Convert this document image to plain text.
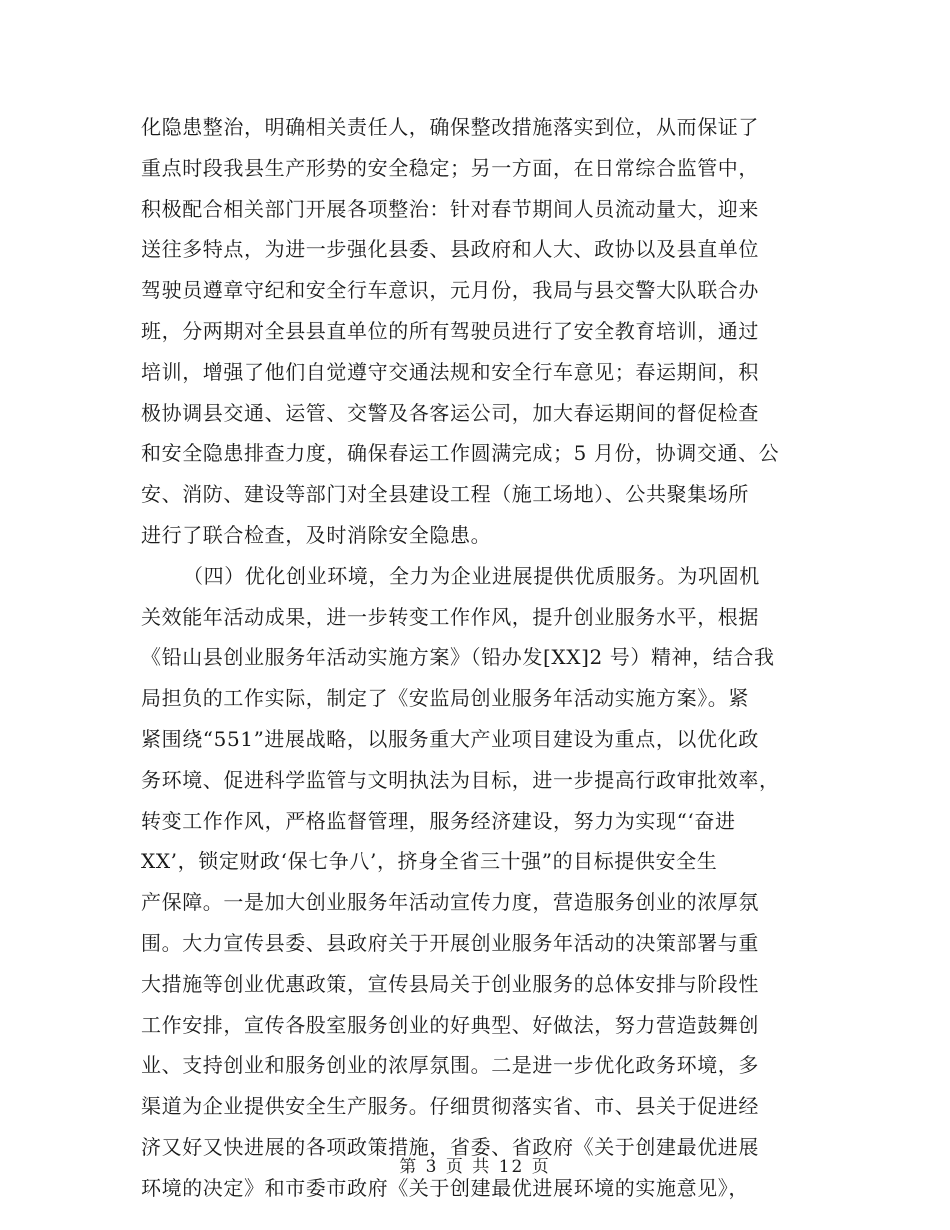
化隐患整治，明确相关责任人，确保整改措施落实到位，从而保证了
重点时段我县生产形势的安全稳定；另一方面，在日常综合监管中，
积极配合相关部门开展各项整治：针对春节期间人员流动量大，迎来
送往多特点，为进一步强化县委、县政府和人大、政协以及县直单位
驾驶员遵章守纪和安全行车意识，元月份，我局与县交警大队联合办
班，分两期对全县县直单位的所有驾驶员进行了安全教育培训，通过
培训，增强了他们自觉遵守交通法规和安全行车意见；春运期间，积
极协调县交通、运管、交警及各客运公司，加大春运期间的督促检查
和安全隐患排查力度，确保春运工作圆满完成；5 月份，协调交通、公
安、消防、建设等部门对全县建设工程（施工场地）、公共聚集场所
进行了联合检查，及时消除安全隐患。
（四）优化创业环境，全力为企业进展提供优质服务。为巩固机
关效能年活动成果，进一步转变工作作风，提升创业服务水平，根据
《铅山县创业服务年活动实施方案》（铅办发[XX]2 号）精神，结合我
局担负的工作实际，制定了《安监局创业服务年活动实施方案》。紧
紧围绕“551”进展战略，以服务重大产业项目建设为重点，以优化政
务环境、促进科学监管与文明执法为目标，进一步提高行政审批效率，
转变工作作风，严格监督管理，服务经济建设，努力为实现“‘奋进
XX’，锁定财政‘保七争八’，挤身全省三十强”的目标提供安全生
产保障。一是加大创业服务年活动宣传力度，营造服务创业的浓厚氛
围。大力宣传县委、县政府关于开展创业服务年活动的决策部署与重
大措施等创业优惠政策，宣传县局关于创业服务的总体安排与阶段性
工作安排，宣传各股室服务创业的好典型、好做法，努力营造鼓舞创
业、支持创业和服务创业的浓厚氛围。二是进一步优化政务环境，多
渠道为企业提供安全生产服务。仔细贯彻落实省、市、县关于促进经
济又好又快进展的各项政策措施，省委、省政府《关于创建最优进展
环境的决定》和市委市政府《关于创建最优进展环境的实施意见》，
第 3 页 共 12 页
